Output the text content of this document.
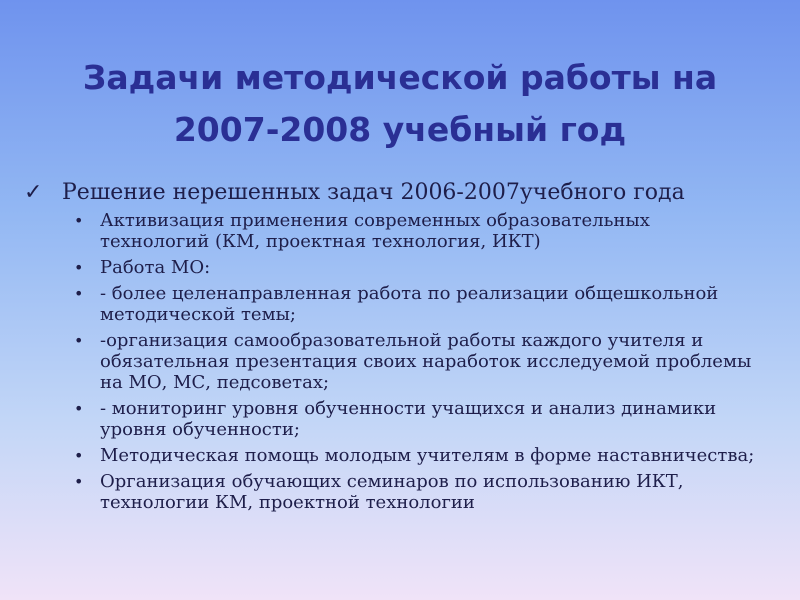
Задачи методической работы на
2007-2008 учебный год
✓ Решение нерешенных задач 2006-2007учебного года
• Активизация применения современных образовательных технологий (КМ, проектная технология, ИКТ)
• Работа МО:
• - более целенаправленная работа по реализации общешкольной методической темы;
• -организация самообразовательной работы каждого учителя и обязательная презентация своих наработок исследуемой проблемы на МО, МС, педсоветах;
• - мониторинг уровня обученности учащихся и анализ динамики уровня обученности;
• Методическая помощь молодым учителям в форме наставничества;
• Организация обучающих семинаров по использованию ИКТ, технологии КМ, проектной технологии
